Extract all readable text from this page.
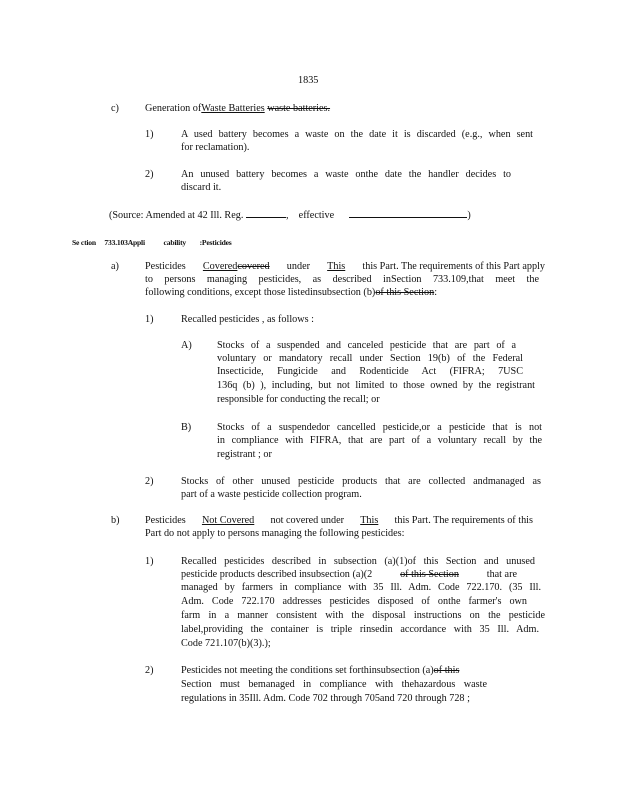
1835
c)	Generation ofWaste Batteries waste batteries.
1)	A used battery becomes a waste on the date it is discarded (e.g., when sent
for reclamation).
2)	An unused battery becomes a waste onthe date the handler decides to
discard it.
(Source: Amended at 42 Ill. Reg.	, effective	)
Se ction 733.103Appli cability :Pesticides
a)	Pesticides Coveredcovered under This this Part. The requirements of this Part apply
to persons managing pesticides, as described inSection 733.109,that meet the
following conditions, except those listedinsubsection (b)of this Section:
1)	Recalled pesticides , as follows :
A) Stocks of a suspended and canceled pesticide that are part of a
voluntary or mandatory recall under Section 19(b) of the Federal
Insecticide, Fungicide and Rodenticide Act (FIFRA; 7USC
136q (b) ), including, but not limited to those owned by the registrant
responsible for conducting the recall; or
B)	Stocks of a suspendedor cancelled pesticide,or a pesticide that is not
in compliance with FIFRA, that are part of a voluntary recall by the
registrant ; or
2)	Stocks of other unused pesticide products that are collected andmanaged as
part of a waste pesticide collection program.
b)	Pesticides Not Covered not covered under This this Part. The requirements of this
Part do not apply to persons managing the following pesticides:
1)	Recalled pesticides described in subsection (a)(1)of this Section and unused
pesticide products described insubsection (a)(2	of this Section	that are
managed by farmers in compliance with 35 Ill. Adm. Code 722.170. (35 Ill.
Adm. Code 722.170 addresses pesticides disposed of onthe farmer's own
farm in a manner consistent with the disposal instructions on the pesticide
label,providing the container is triple rinsedin accordance with 35 Ill. Adm.
Code 721.107(b)(3).);
2)	Pesticides not meeting the conditions set forthinsubsection (a)of this
Section must bemanaged in compliance with thehazardous waste
regulations in 35Ill. Adm. Code 702 through 705and 720 through 728 ;
